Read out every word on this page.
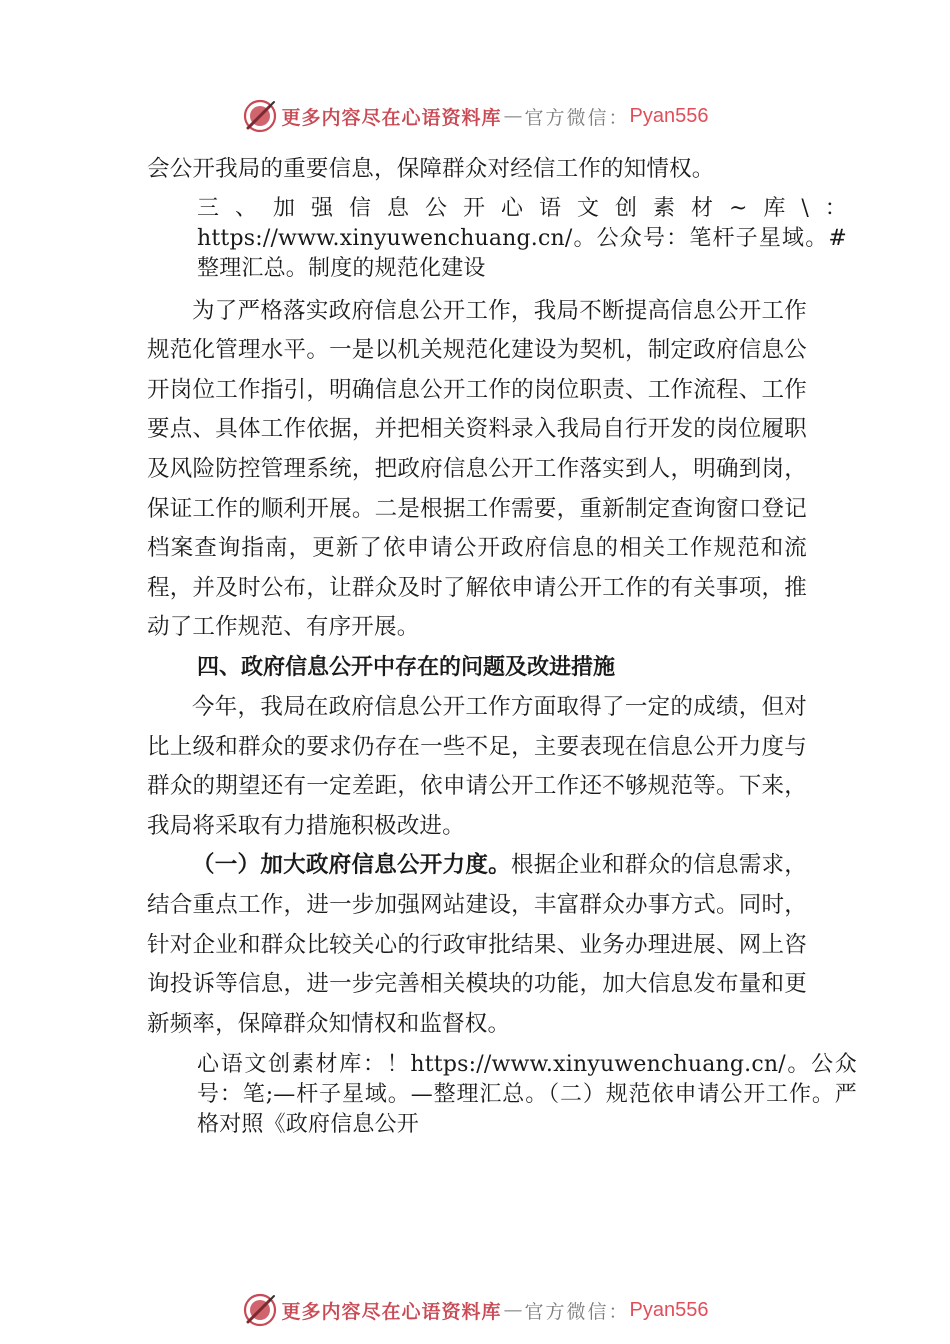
更多内容尽在心语资料库 — 官方微信： Pyan556

会公开我局的重要信息，保障群众对经信工作的知情权。

三、加强信息公开心语文创素材~库\：https://www.xinyuwenchuang.cn/。公众号：笔杆子星域。#整理汇总。制度的规范化建设

为了严格落实政府信息公开工作，我局不断提高信息公开工作规范化管理水平。一是以机关规范化建设为契机，制定政府信息公开岗位工作指引，明确信息公开工作的岗位职责、工作流程、工作要点、具体工作依据，并把相关资料录入我局自行开发的岗位履职及风险防控管理系统，把政府信息公开工作落实到人，明确到岗，保证工作的顺利开展。二是根据工作需要，重新制定查询窗口登记档案查询指南，更新了依申请公开政府信息的相关工作规范和流程，并及时公布，让群众及时了解依申请公开工作的有关事项，推动了工作规范、有序开展。

四、政府信息公开中存在的问题及改进措施

今年，我局在政府信息公开工作方面取得了一定的成绩，但对比上级和群众的要求仍存在一些不足，主要表现在信息公开力度与群众的期望还有一定差距，依申请公开工作还不够规范等。下来，我局将采取有力措施积极改进。

（一）加大政府信息公开力度。根据企业和群众的信息需求，结合重点工作，进一步加强网站建设，丰富群众办事方式。同时，针对企业和群众比较关心的行政审批结果、业务办理进展、网上咨询投诉等信息，进一步完善相关模块的功能，加大信息发布量和更新频率，保障群众知情权和监督权。

心语文创素材库：！https://www.xinyuwenchuang.cn/。公众号：笔;—杆子星域。—整理汇总。（二）规范依申请公开工作。严格对照《政府信息公开

更多内容尽在心语资料库 — 官方微信： Pyan556
